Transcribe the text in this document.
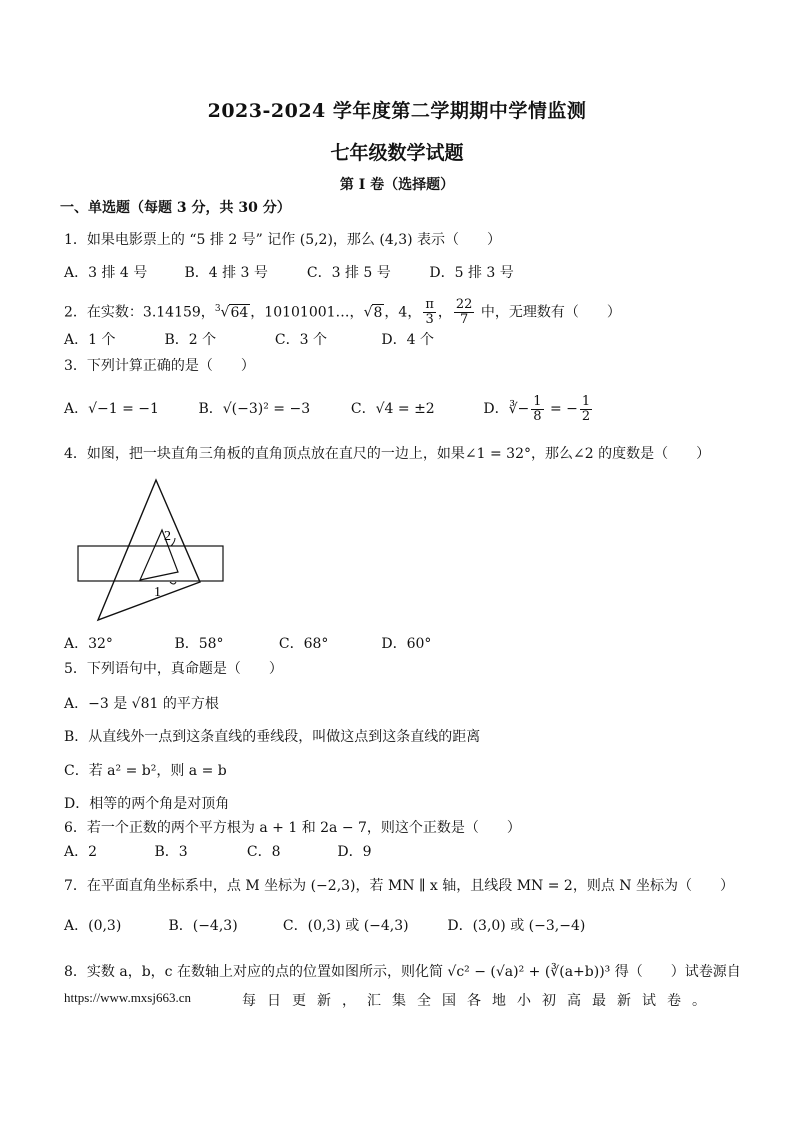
2023-2024 学年度第二学期期中学情监测
七年级数学试题
第 I 卷（选择题）
一、单选题（每题 3 分，共 30 分）
1．如果电影票上的 “5 排 2 号” 记作 (5,2)，那么 (4,3) 表示（　　）
A．3 排 4 号	B．4 排 3 号	C．3 排 5 号	D．5 排 3 号
2．在实数：3.14159，$^3$√64 ，10101001…，√8 ，4， $\frac{\pi}{3}$ ， $\frac{22}{7}$ 中，无理数有（　　）
A．1 个	B．2 个	C．3 个	D．4 个
3．下列计算正确的是（　　）
A．√−1 = −1	B．√(−3)² = −3	C．√4 = ±2	D．∛− $\frac{1}{8}$ = − $\frac{1}{2}$
4．如图，把一块直角三角板的直角顶点放在直尺的一边上，如果∠1 = 32°，那么∠2 的度数是（　　）
2
1
A．32°	B．58°	C．68°	D．60°
5．下列语句中，真命题是（　　）
A．−3 是 √81 的平方根
B．从直线外一点到这条直线的垂线段，叫做这点到这条直线的距离
C．若 a² = b²，则 a = b
D．相等的两个角是对顶角
6．若一个正数的两个平方根为 a + 1 和 2a − 7，则这个正数是（　　）
A．2	B．3	C．8	D．9
7．在平面直角坐标系中，点 M 坐标为 (−2,3)，若 MN ∥ x 轴，且线段 MN = 2，则点 N 坐标为（　　）
A．(0,3)	B．(−4,3)	C．(0,3) 或 (−4,3)	D．(3,0) 或 (−3,−4)
8．实数 a，b，c 在数轴上对应的点的位置如图所示，则化简 √c² − (√a)² + (∛(a+b))³ 得（　　）试卷源自
https://www.mxsj663.cn	每日更新，汇集全国各地小初高最新试卷。
